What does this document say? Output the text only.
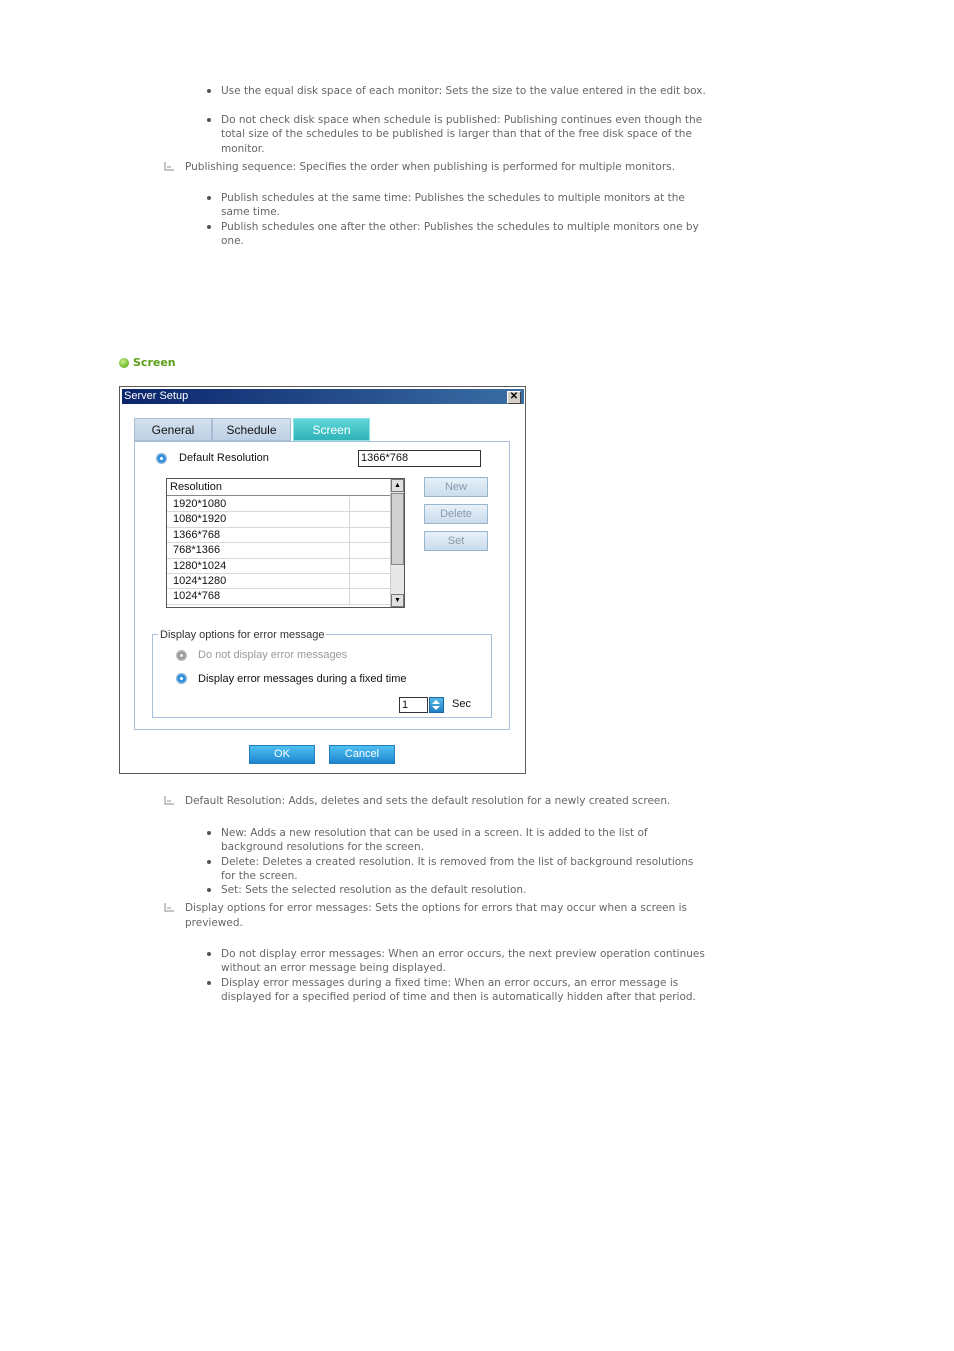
Use the equal disk space of each monitor: Sets the size to the value entered in the edit box.
Do not check disk space when schedule is published: Publishing continues even though the total size of the schedules to be published is larger than that of the free disk space of the monitor.
Publishing sequence: Specifies the order when publishing is performed for multiple monitors.
Publish schedules at the same time: Publishes the schedules to multiple monitors at the same time.
Publish schedules one after the other: Publishes the schedules to multiple monitors one by one.
Screen
Server Setup	✕
General	Schedule	Screen
Default Resolution	1366*768
Resolution
1920*1080
1080*1920
1366*768
768*1366
1280*1024
1024*1280
1024*768
▲
▼
New
Delete
Set
Display options for error message
Do not display error messages
Display error messages during a fixed time
1	Sec
OK	Cancel
Default Resolution: Adds, deletes and sets the default resolution for a newly created screen.
New: Adds a new resolution that can be used in a screen. It is added to the list of background resolutions for the screen.
Delete: Deletes a created resolution. It is removed from the list of background resolutions for the screen.
Set: Sets the selected resolution as the default resolution.
Display options for error messages: Sets the options for errors that may occur when a screen is previewed.
Do not display error messages: When an error occurs, the next preview operation continues without an error message being displayed.
Display error messages during a fixed time: When an error occurs, an error message is displayed for a specified period of time and then is automatically hidden after that period.
